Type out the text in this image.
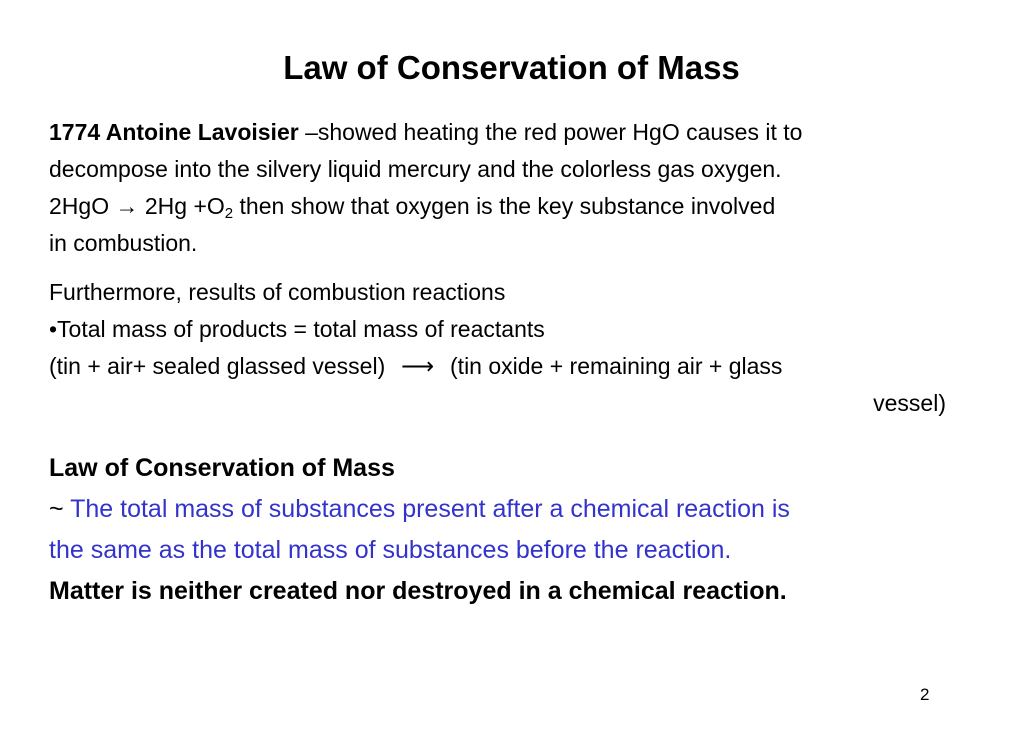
Law of Conservation of Mass
1774 Antoine Lavoisier –showed heating the red power HgO causes it to
decompose into the silvery liquid mercury and the colorless gas oxygen.
$2HgO \to 2Hg +O_2$ then show that oxygen is the key substance involved
in combustion.
Furthermore, results of combustion reactions
•Total mass of products = total mass of reactants
(tin + air+ sealed glassed vessel) ⟶ (tin oxide + remaining air + glass
vessel)
Law of Conservation of Mass
~ The total mass of substances present after a chemical reaction is
the same as the total mass of substances before the reaction.
Matter is neither created nor destroyed in a chemical reaction.
2
